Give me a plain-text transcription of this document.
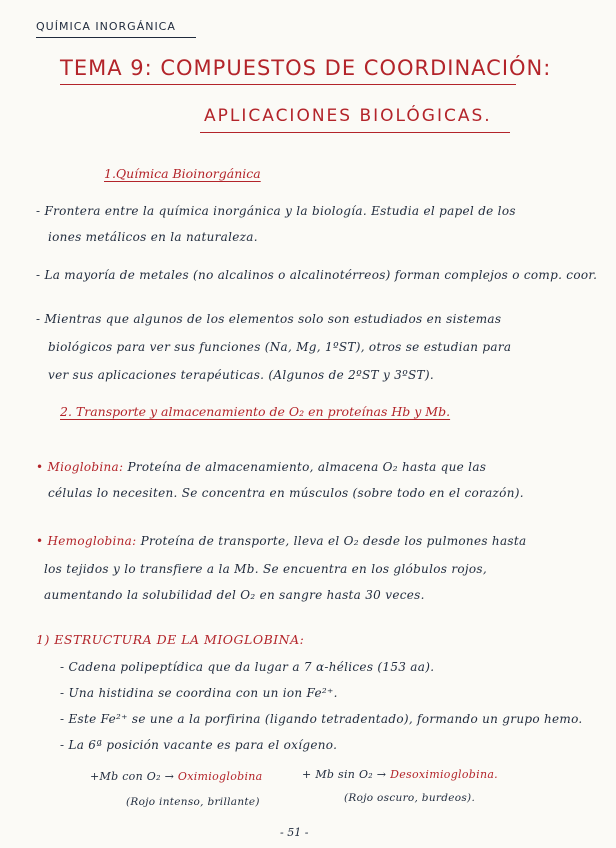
QUÍMICA INORGÁNICA
TEMA 9: COMPUESTOS DE COORDINACIÓN:
APLICACIONES BIOLÓGICAS.
1.Química Bioinorgánica
- Frontera entre la química inorgánica y la biología. Estudia el papel de los
iones metálicos en la naturaleza.
- La mayoría de metales (no alcalinos o alcalinotérreos) forman complejos o comp. coor.
- Mientras que algunos de los elementos solo son estudiados en sistemas
biológicos para ver sus funciones (Na, Mg, 1ºST), otros se estudian para
ver sus aplicaciones terapéuticas. (Algunos de 2ºST y 3ºST).
2. Transporte y almacenamiento de O₂ en proteínas Hb y Mb.
• Mioglobina: Proteína de almacenamiento, almacena O₂ hasta que las
células lo necesiten. Se concentra en músculos (sobre todo en el corazón).
• Hemoglobina: Proteína de transporte, lleva el O₂ desde los pulmones hasta
los tejidos y lo transfiere a la Mb. Se encuentra en los glóbulos rojos,
aumentando la solubilidad del O₂ en sangre hasta 30 veces.
1) ESTRUCTURA DE LA MIOGLOBINA:
- Cadena polipeptídica que da lugar a 7 α-hélices (153 aa).
- Una histidina se coordina con un ion Fe²⁺.
- Este Fe²⁺ se une a la porfirina (ligando tetradentado), formando un grupo hemo.
- La 6ª posición vacante es para el oxígeno.
+Mb con O₂ → Oximioglobina
(Rojo intenso, brillante)
+ Mb sin O₂ → Desoximioglobina.
(Rojo oscuro, burdeos).
- 51 -
